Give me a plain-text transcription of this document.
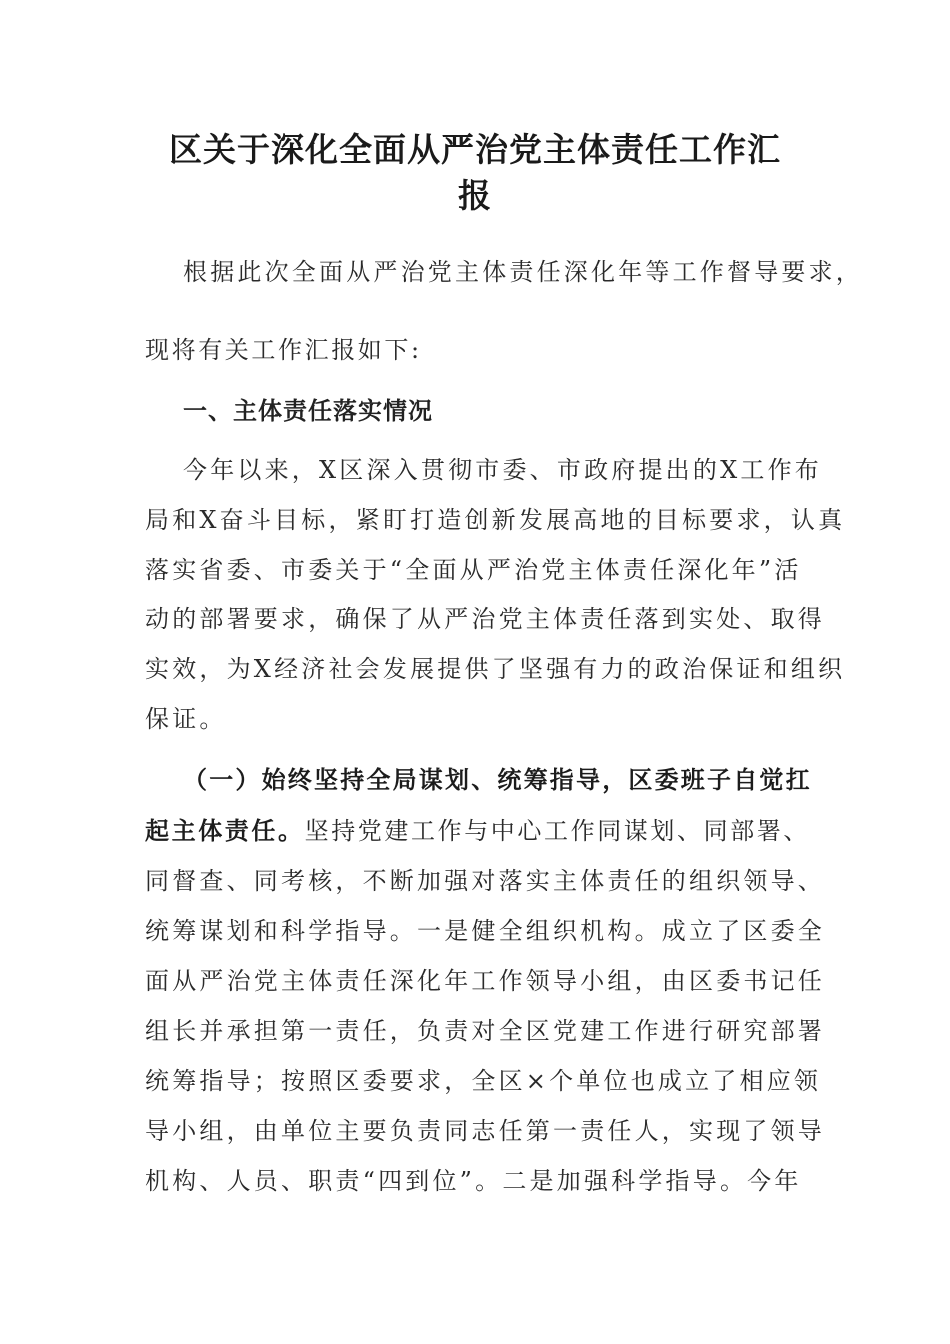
区关于深化全面从严治党主体责任工作汇
报
根据此次全面从严治党主体责任深化年等工作督导要求，
现将有关工作汇报如下:
一、主体责任落实情况
今年以来，X区深入贯彻市委、市政府提出的X工作布
局和X奋斗目标，紧盯打造创新发展高地的目标要求，认真
落实省委、市委关于“全面从严治党主体责任深化年”活
动的部署要求，确保了从严治党主体责任落到实处、取得
实效，为X经济社会发展提供了坚强有力的政治保证和组织
保证。
（一）始终坚持全局谋划、统筹指导，区委班子自觉扛
起主体责任。坚持党建工作与中心工作同谋划、同部署、
同督查、同考核，不断加强对落实主体责任的组织领导、
统筹谋划和科学指导。一是健全组织机构。成立了区委全
面从严治党主体责任深化年工作领导小组，由区委书记任
组长并承担第一责任，负责对全区党建工作进行研究部署
统筹指导；按照区委要求，全区×个单位也成立了相应领
导小组，由单位主要负责同志任第一责任人，实现了领导
机构、人员、职责“四到位”。二是加强科学指导。今年
